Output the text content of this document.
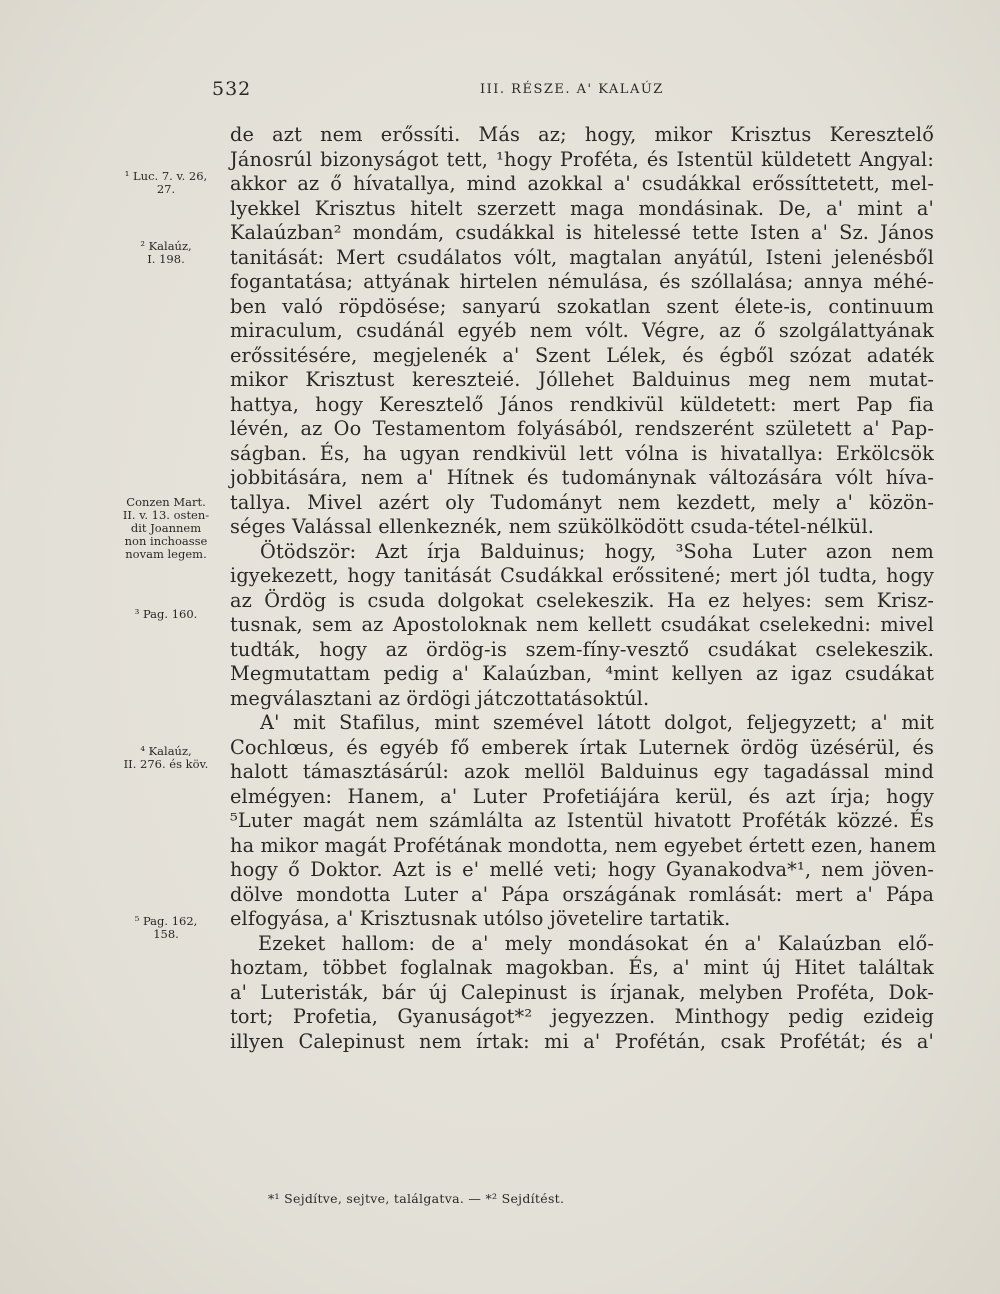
532	III. RÉSZE. A' KALAÚZ
¹ Luc. 7. v. 26,
27.
² Kalaúz,
I. 198.
Conzen Mart.
II. v. 13. osten-
dit Joannem
non inchoasse
novam legem.
³ Pag. 160.
⁴ Kalaúz,
II. 276. és köv.
⁵ Pag. 162,
158.
de azt nem erőssíti. Más az; hogy, mikor Krisztus Keresztelő
Jánosrúl bizonyságot tett, ¹hogy Proféta, és Istentül küldetett Angyal:
akkor az ő hívatallya, mind azokkal a' csudákkal erőssíttetett, mel-
lyekkel Krisztus hitelt szerzett maga mondásinak. De, a' mint a'
Kalaúzban² mondám, csudákkal is hitelessé tette Isten a' Sz. János
tanitását: Mert csudálatos vólt, magtalan anyátúl, Isteni jelenésből
fogantatása; attyának hirtelen némulása, és szóllalása; annya méhé-
ben való röpdösése; sanyarú szokatlan szent élete-is, continuum
miraculum, csudánál egyéb nem vólt. Végre, az ő szolgálattyának
erőssitésére, megjelenék a' Szent Lélek, és égből szózat adaték
mikor Krisztust kereszteié. Jóllehet Balduinus meg nem mutat-
hattya, hogy Keresztelő János rendkivül küldetett: mert Pap fia
lévén, az Oo Testamentom folyásából, rendszerént született a' Pap-
ságban. És, ha ugyan rendkivül lett vólna is hivatallya: Erkölcsök
jobbitására, nem a' Hítnek és tudománynak változására vólt híva-
tallya. Mivel azért oly Tudományt nem kezdett, mely a' közön-
séges Valással ellenkeznék, nem szükölködött csuda-tétel-nélkül.
Ötödször: Azt írja Balduinus; hogy, ³Soha Luter azon nem
igyekezett, hogy tanitását Csudákkal erőssitené; mert jól tudta, hogy
az Ördög is csuda dolgokat cselekeszik. Ha ez helyes: sem Krisz-
tusnak, sem az Apostoloknak nem kellett csudákat cselekedni: mivel
tudták, hogy az ördög-is szem-fíny-vesztő csudákat cselekeszik.
Megmutattam pedig a' Kalaúzban, ⁴mint kellyen az igaz csudákat
megválasztani az ördögi játczottatásoktúl.
A' mit Stafilus, mint szemével látott dolgot, feljegyzett; a' mit
Cochlœus, és egyéb fő emberek írtak Luternek ördög üzésérül, és
halott támasztásárúl: azok mellöl Balduinus egy tagadással mind
elmégyen: Hanem, a' Luter Profetiájára kerül, és azt írja; hogy
⁵Luter magát nem számlálta az Istentül hivatott Proféták közzé. És
ha mikor magát Profétának mondotta, nem egyebet értett ezen, hanem
hogy ő Doktor. Azt is e' mellé veti; hogy Gyanakodva*¹, nem jöven-
dölve mondotta Luter a' Pápa országának romlását: mert a' Pápa
elfogyása, a' Krisztusnak utólso jövetelire tartatik.
Ezeket hallom: de a' mely mondásokat én a' Kalaúzban elő-
hoztam, többet foglalnak magokban. És, a' mint új Hitet találtak
a' Luteristák, bár új Calepinust is írjanak, melyben Proféta, Dok-
tort; Profetia, Gyanuságot*² jegyezzen. Minthogy pedig ezideig
illyen Calepinust nem írtak: mi a' Profétán, csak Profétát; és a'
*¹ Sejdítve, sejtve, találgatva. — *² Sejdítést.
